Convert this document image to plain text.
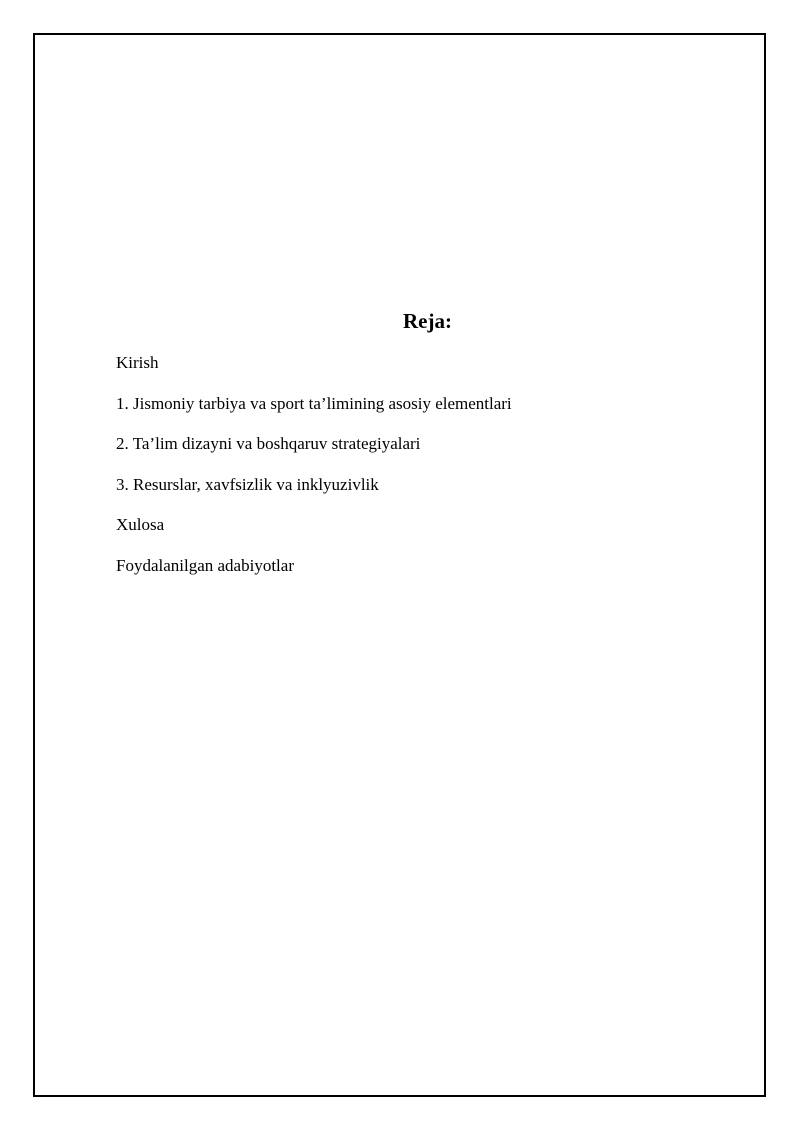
Reja:
Kirish
1. Jismoniy tarbiya va sport ta’limining asosiy elementlari
2. Ta’lim dizayni va boshqaruv strategiyalari
3. Resurslar, xavfsizlik va inklyuzivlik
Xulosa
Foydalanilgan adabiyotlar
